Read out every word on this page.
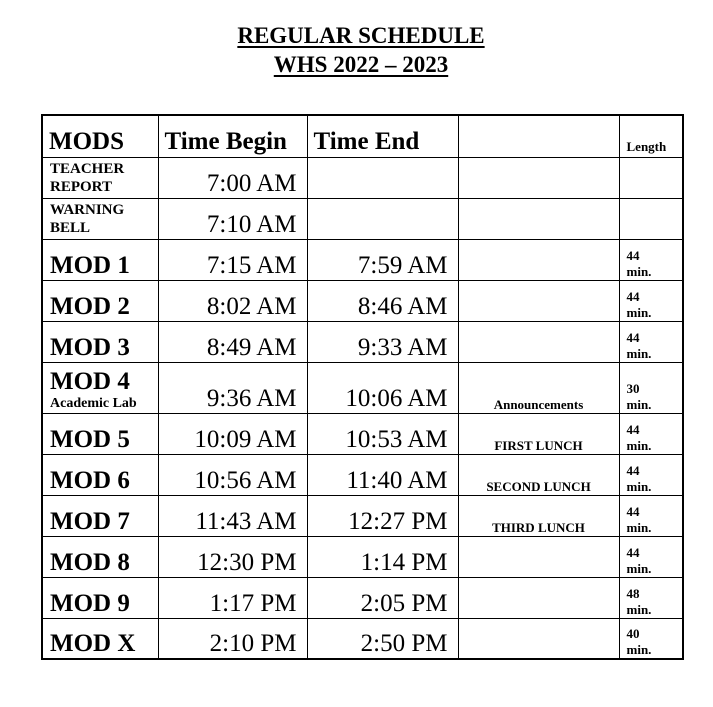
REGULAR SCHEDULE
WHS 2022 – 2023
MODS	Time Begin	Time End		Length

TEACHER
REPORT	7:00 AM			

WARNING
BELL	7:10 AM			

MOD 1	7:15 AM	7:59 AM		44
min.

MOD 2	8:02 AM	8:46 AM		44
min.

MOD 3	8:49 AM	9:33 AM		44
min.

MOD 4
Academic Lab	9:36 AM	10:06 AM	Announcements	30
min.

MOD 5	10:09 AM	10:53 AM	FIRST LUNCH	44
min.

MOD 6	10:56 AM	11:40 AM	SECOND LUNCH	44
min.

MOD 7	11:43 AM	12:27 PM	THIRD LUNCH	44
min.

MOD 8	12:30 PM	1:14 PM		44
min.

MOD 9	1:17 PM	2:05 PM		48
min.

MOD X	2:10 PM	2:50 PM		40
min.
